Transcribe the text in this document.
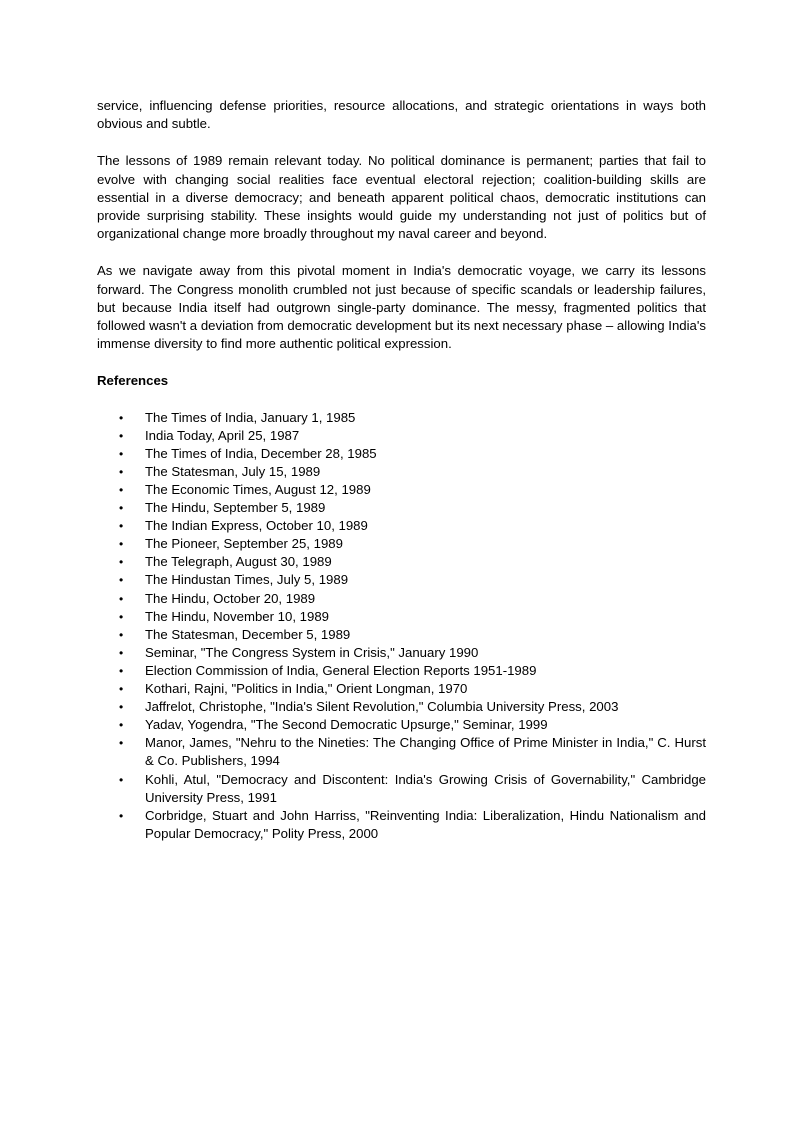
service, influencing defense priorities, resource allocations, and strategic orientations in ways both obvious and subtle.

The lessons of 1989 remain relevant today. No political dominance is permanent; parties that fail to evolve with changing social realities face eventual electoral rejection; coalition-building skills are essential in a diverse democracy; and beneath apparent political chaos, democratic institutions can provide surprising stability. These insights would guide my understanding not just of politics but of organizational change more broadly throughout my naval career and beyond.

As we navigate away from this pivotal moment in India's democratic voyage, we carry its lessons forward. The Congress monolith crumbled not just because of specific scandals or leadership failures, but because India itself had outgrown single-party dominance. The messy, fragmented politics that followed wasn't a deviation from democratic development but its next necessary phase – allowing India's immense diversity to find more authentic political expression.

References
• The Times of India, January 1, 1985
• India Today, April 25, 1987
• The Times of India, December 28, 1985
• The Statesman, July 15, 1989
• The Economic Times, August 12, 1989
• The Hindu, September 5, 1989
• The Indian Express, October 10, 1989
• The Pioneer, September 25, 1989
• The Telegraph, August 30, 1989
• The Hindustan Times, July 5, 1989
• The Hindu, October 20, 1989
• The Hindu, November 10, 1989
• The Statesman, December 5, 1989
• Seminar, "The Congress System in Crisis," January 1990
• Election Commission of India, General Election Reports 1951-1989
• Kothari, Rajni, "Politics in India," Orient Longman, 1970
• Jaffrelot, Christophe, "India's Silent Revolution," Columbia University Press, 2003
• Yadav, Yogendra, "The Second Democratic Upsurge," Seminar, 1999
• Manor, James, "Nehru to the Nineties: The Changing Office of Prime Minister in India," C. Hurst & Co. Publishers, 1994
• Kohli, Atul, "Democracy and Discontent: India's Growing Crisis of Governability," Cambridge University Press, 1991
• Corbridge, Stuart and John Harriss, "Reinventing India: Liberalization, Hindu Nationalism and Popular Democracy," Polity Press, 2000
